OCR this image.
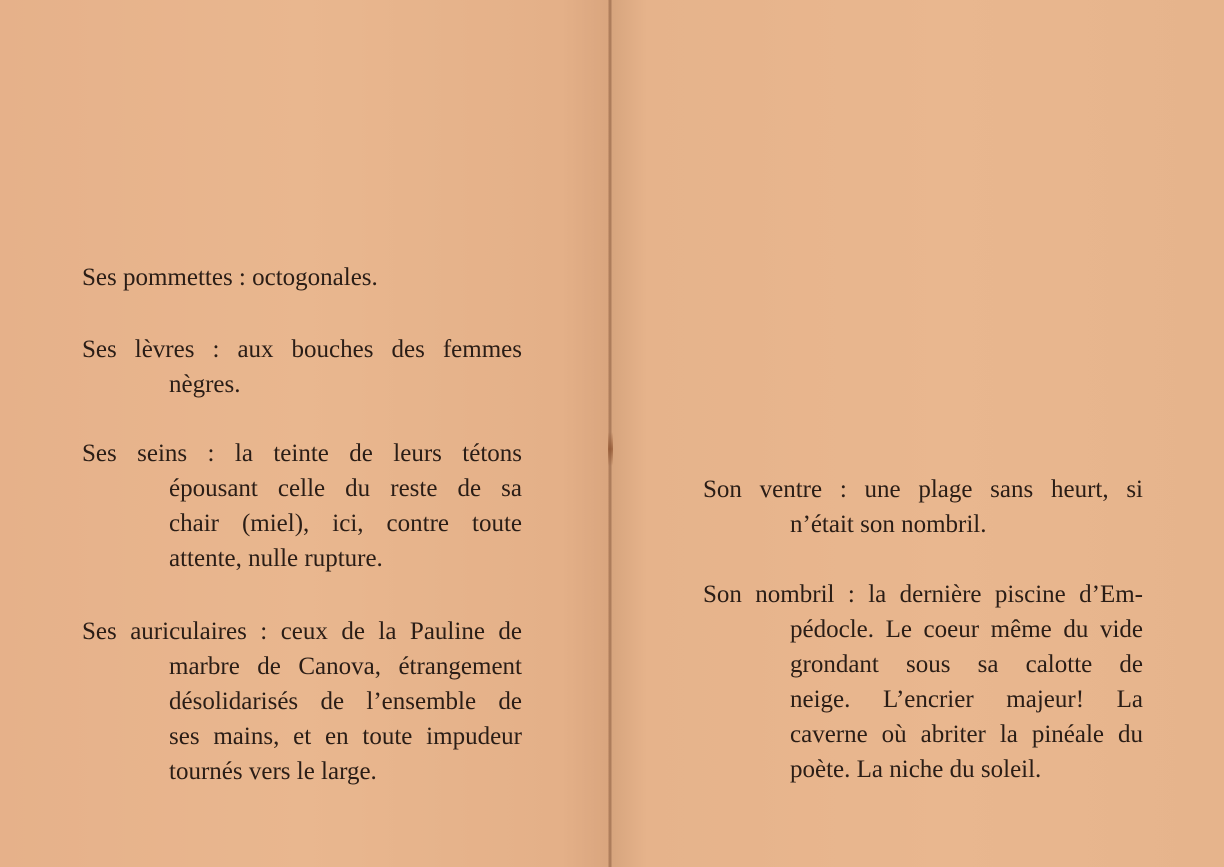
Ses pommettes : octogonales.
Ses lèvres : aux bouches des femmes
nègres.
Ses seins : la teinte de leurs tétons
épousant celle du reste de sa
chair (miel), ici, contre toute
attente, nulle rupture.
Ses auriculaires : ceux de la Pauline de
marbre de Canova, étrangement
désolidarisés de l’ensemble de
ses mains, et en toute impudeur
tournés vers le large.
Son ventre : une plage sans heurt, si
n’était son nombril.
Son nombril : la dernière piscine d’Em-
pédocle. Le coeur même du vide
grondant sous sa calotte de
neige. L’encrier majeur! La
caverne où abriter la pinéale du
poète. La niche du soleil.
